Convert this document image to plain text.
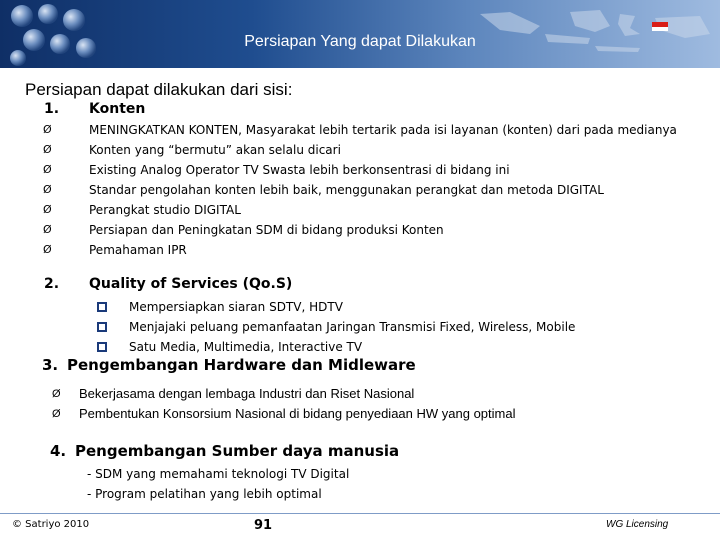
Persiapan Yang dapat Dilakukan
Persiapan dapat dilakukan dari sisi:
1. Konten
Ø	MENINGKATKAN KONTEN, Masyarakat lebih tertarik pada isi layanan (konten) dari pada medianya
Ø	Konten yang “bermutu” akan selalu dicari
Ø	Existing Analog Operator TV Swasta lebih berkonsentrasi di bidang ini
Ø	Standar pengolahan konten lebih baik, menggunakan perangkat dan metoda DIGITAL
Ø	Perangkat studio DIGITAL
Ø	Persiapan dan Peningkatan SDM di bidang produksi Konten
Ø	Pemahaman IPR
2. Quality of Services (Qo.S)
Mempersiapkan siaran SDTV, HDTV
Menjajaki peluang pemanfaatan Jaringan Transmisi Fixed, Wireless, Mobile
Satu Media, Multimedia, Interactive TV
3. Pengembangan Hardware dan Midleware
Ø Bekerjasama dengan lembaga Industri dan Riset Nasional
Ø Pembentukan Konsorsium Nasional di bidang penyediaan HW yang optimal
4. Pengembangan Sumber daya manusia
- SDM yang memahami teknologi TV Digital
- Program pelatihan yang lebih optimal
© Satriyo 2010	91	WG Licensing
